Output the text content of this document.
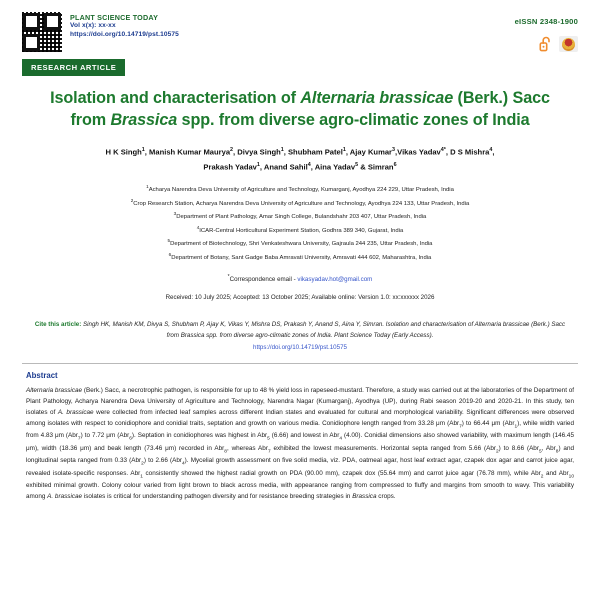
PLANT SCIENCE TODAY
Vol x(x): xx-xx
https://doi.org/10.14719/pst.10575
eISSN 2348-1900
RESEARCH ARTICLE
Isolation and characterisation of Alternaria brassicae (Berk.) Sacc from Brassica spp. from diverse agro-climatic zones of India
H K Singh$^1$, Manish Kumar Maurya$^2$, Divya Singh$^1$, Shubham Patel$^1$, Ajay Kumar$^3$,Vikas Yadav$^{4*}$, D S Mishra$^4$,
Prakash Yadav$^1$, Anand Sahil$^4$, Aina Yadav$^5$ & Simran$^6$
$^1$Acharya Narendra Deva University of Agriculture and Technology, Kumarganj, Ayodhya 224 229, Uttar Pradesh, India
$^2$Crop Research Station, Acharya Narendra Deva University of Agriculture and Technology, Ayodhya 224 133, Uttar Pradesh, India
$^3$Department of Plant Pathology, Amar Singh College, Bulandshahr 203 407, Uttar Pradesh, India
$^4$ICAR-Central Horticultural Experiment Station, Godhra 389 340, Gujarat, India
$^5$Department of Biotechnology, Shri Venkateshwara University, Gajraula 244 235, Uttar Pradesh, India
$^6$Department of Botany, Sant Gadge Baba Amravati University, Amravati 444 602, Maharashtra, India
*Correspondence email - vikasyadav.hot@gmail.com
Received: 10 July 2025; Accepted: 13 October 2025; Available online: Version 1.0: xx:xxxxxx 2026
Cite this article: Singh HK, Manish KM, Divya S, Shubham P, Ajay K, Vikas Y, Mishra DS, Prakash Y, Anand S, Aina Y, Simran. Isolation and characterisation of Alternaria brassicae (Berk.) Sacc from Brassica spp. from diverse agro-climatic zones of India. Plant Science Today (Early Access).
https://doi.org/10.14719/pst.10575
Abstract
Alternaria brassicae (Berk.) Sacc, a necrotrophic pathogen, is responsible for up to 48 % yield loss in rapeseed-mustard. Therefore, a study was carried out at the laboratories of the Department of Plant Pathology, Acharya Narendra Deva University of Agriculture and Technology, Narendra Nagar (Kumarganj), Ayodhya (UP), during Rabi season 2019-20 and 2020-21. In this study, ten isolates of A. brassicae were collected from infected leaf samples across different Indian states and evaluated for cultural and morphological variability. Significant differences were observed among isolates with respect to conidiophore and conidial traits, septation and growth on various media. Conidiophore length ranged from 33.28 μm (Abr$_7$) to 66.44 μm (Abr$_1$), while width varied from 4.83 μm (Abr$_7$) to 7.72 μm (Abr$_6$). Septation in conidiophores was highest in Abr$_5$ (6.66) and lowest in Abr$_4$ (4.00). Conidial dimensions also showed variability, with maximum length (146.45 μm), width (18.36 μm) and beak length (73.46 μm) recorded in Abr$_8$, whereas Abr$_7$ exhibited the lowest measurements. Horizontal septa ranged from 5.66 (Abr$_2$) to 8.66 (Abr$_5$, Abr$_8$) and longitudinal septa ranged from 0.33 (Abr$_2$) to 2.66 (Abr$_4$). Mycelial growth assessment on five solid media, viz. PDA, oatmeal agar, host leaf extract agar, czapek dox agar and carrot juice agar, revealed isolate-specific responses. Abr$_1$ consistently showed the highest radial growth on PDA (90.00 mm), czapek dox (55.64 mm) and carrot juice agar (76.78 mm), while Abr$_2$ and Abr$_{10}$ exhibited minimal growth. Colony colour varied from light brown to black across media, with appearance ranging from compressed to fluffy and margins from smooth to wavy. This variability among A. brassicae isolates is critical for understanding pathogen diversity and for resistance breeding strategies in Brassica crops.
